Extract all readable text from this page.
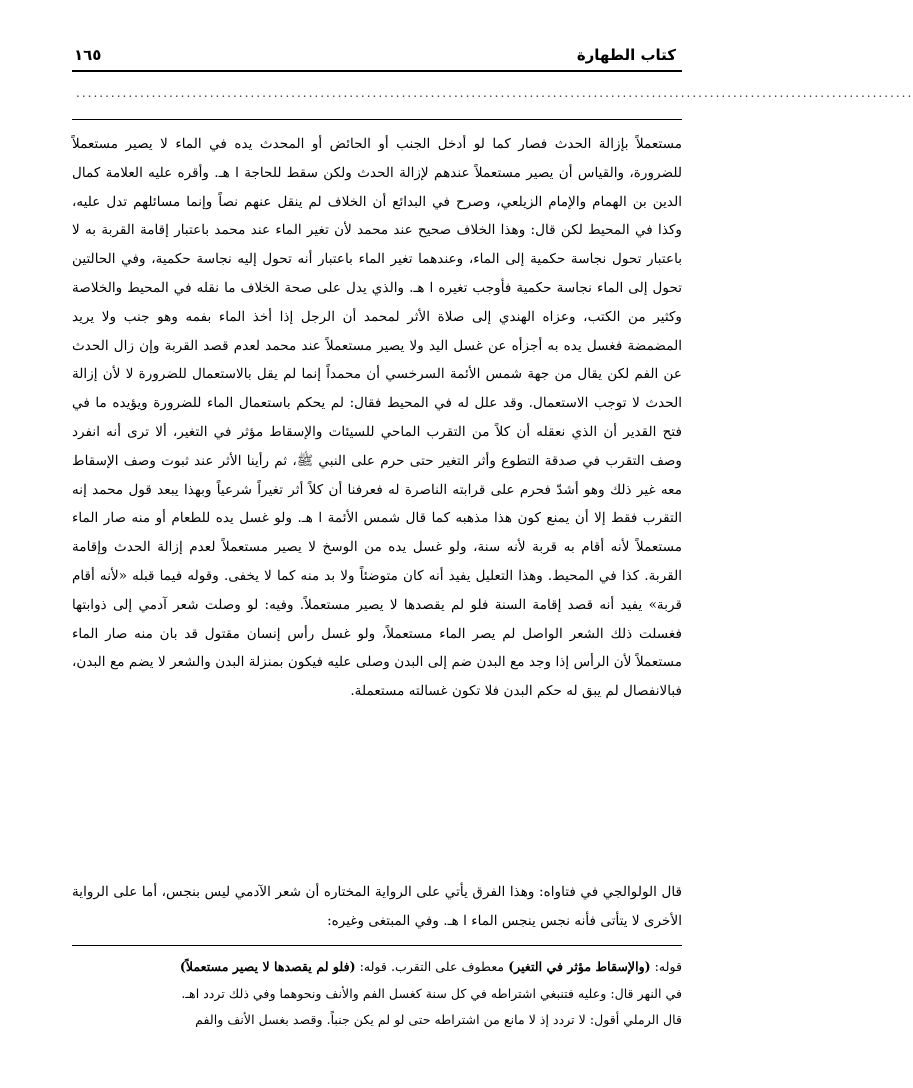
كتاب الطهارة
١٦٥
................................................................................................................................................

مستعملاً بإزالة الحدث فصار كما لو أدخل الجنب أو الحائض أو المحدث يده في الماء لا يصير مستعملاً للضرورة، والقياس أن يصير مستعملاً عندهم لإزالة الحدث ولكن سقط للحاجة ا هـ. وأقره عليه العلامة كمال الدين بن الهمام والإمام الزيلعي، وصرح في البدائع أن الخلاف لم ينقل عنهم نصاً وإنما مسائلهم تدل عليه، وكذا في المحيط لكن قال: وهذا الخلاف صحيح عند محمد لأن تغير الماء عند محمد باعتبار إقامة القربة به لا باعتبار تحول نجاسة حكمية إلى الماء، وعندهما تغير الماء باعتبار أنه تحول إليه نجاسة حكمية، وفي الحالتين تحول إلى الماء نجاسة حكمية فأوجب تغيره ا هـ. والذي يدل على صحة الخلاف ما نقله في المحيط والخلاصة وكثير من الكتب، وعزاه الهندي إلى صلاة الأثر لمحمد أن الرجل إذا أخذ الماء بفمه وهو جنب ولا يريد المضمضة فغسل يده به أجزأه عن غسل اليد ولا يصير مستعملاً عند محمد لعدم قصد القربة وإن زال الحدث عن الفم لكن يقال من جهة شمس الأئمة السرخسي أن محمداً إنما لم يقل بالاستعمال للضرورة لا لأن إزالة الحدث لا توجب الاستعمال. وقد علل له في المحيط فقال: لم يحكم باستعمال الماء للضرورة ويؤيده ما في فتح القدير أن الذي نعقله أن كلاً من التقرب الماحي للسيئات والإسقاط مؤثر في التغير، ألا ترى أنه انفرد وصف التقرب في صدقة التطوع وأثر التغير حتى حرم على النبي ﷺ، ثم رأينا الأثر عند ثبوت وصف الإسقاط معه غير ذلك وهو أشدّ فحرم على قرابته الناصرة له فعرفنا أن كلاً أثر تغيراً شرعياً وبهذا يبعد قول محمد إنه التقرب فقط إلا أن يمنع كون هذا مذهبه كما قال شمس الأئمة ا هـ. ولو غسل يده للطعام أو منه صار الماء مستعملاً لأنه أقام به قربة لأنه سنة، ولو غسل يده من الوسخ لا يصير مستعملاً لعدم إزالة الحدث وإقامة القربة. كذا في المحيط. وهذا التعليل يفيد أنه كان متوضئاً ولا بد منه كما لا يخفى. وقوله فيما قبله «لأنه أقام قربة» يفيد أنه قصد إقامة السنة فلو لم يقصدها لا يصير مستعملاً. وفيه: لو وصلت شعر آدمي إلى ذوابتها فغسلت ذلك الشعر الواصل لم يصر الماء مستعملاً، ولو غسل رأس إنسان مقتول قد بان منه صار الماء مستعملاً لأن الرأس إذا وجد مع البدن ضم إلى البدن وصلى عليه فيكون بمنزلة البدن والشعر لا يضم مع البدن، فبالانفصال لم يبق له حكم البدن فلا تكون غسالته مستعملة.

قال الولوالجي في فتاواه: وهذا الفرق يأتي على الرواية المختاره أن شعر الآدمي ليس بنجس، أما على الرواية الأخرى لا يتأتى فأنه نجس ينجس الماء ا هـ. وفي المبتغى وغيره:

قوله: (والإسقاط مؤثر في التغير) معطوف على التقرب. قوله: (فلو لم يقصدها لا يصير مستعملاً)

في النهر قال: وعليه فتنبغي اشتراطه في كل سنة كغسل الفم والأنف ونحوهما وفي ذلك تردد اهـ.

قال الرملي أقول: لا تردد إذ لا مانع من اشتراطه حتى لو لم يكن جنباً. وقصد بغسل الأنف والفم
